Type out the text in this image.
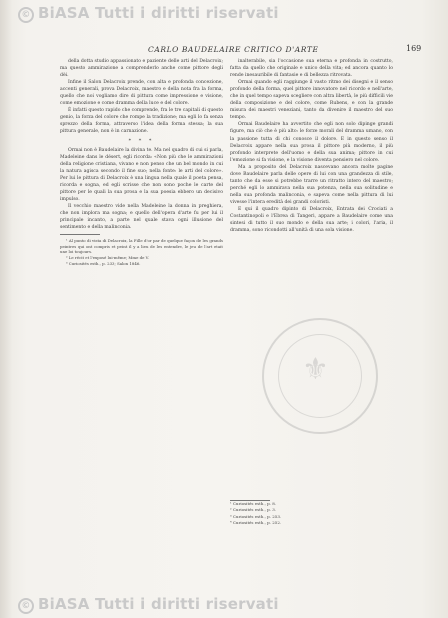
© BiASA Tutti i diritti riservati
CARLO BAUDELAIRE CRITICO D'ARTE	169

della dotta studio appassionato e paziente delle arti del Delacroix; ma questo ammirazione a comprenderlo anche come pittore degli dèi.

Infine il Salon Delacroix prende, con alta e profonda concezione, accenti generali, prova Delacroix, maestro e della nota fra la forma, quello che noi vogliamo dire di pittura come impressione e visione, come emozione e come dramma della luce e del colore.

È infatti questo rapido che comprende, fra le tre capitali di questo genio, la forza del colore che rompe la tradizione; ma egli lo fa senza sprezzo della forma, attraverso l'idea della forma stessa; la sua pittura generale, non è in carnazione.

* * *

Ormai non è Baudelaire la divina te. Ma nel quadro di cui si parla, Madeleine dans le désert, egli ricorda: «Non più che le ammirazioni della religione cristiana, vivano e non penso che un bel mondo in cui la natura agisca secondo il fine suo; nella fonte: le arti del colore». Per lui le pittura di Delacroix è una lingua nella quale il poeta pensa, ricorda e sogna, ed egli scrisse che non sono poche le carte del pittore per le quali la sua prosa e la sua poesia ebbero un decisivo impulso.

Il vecchio maestro vide nella Madeleine la donna in preghiera, che non implora ma sogna; e quello dell'opera d'arte fu per lui il principale incanto, a parte nel quale stava ogni illusione del sentimento e della malinconia.

¹ Al punto di vista di Delacroix, la Fille d'or par de quelque façon de les grands peintres qui ont compris et peint il y a lieu de les entendre, le jeu de l'art etait une loi toujours.

² Le récit et l'exposé lui-même; Mme de V.

³ Curiosités esth., p. 233; Salon 1846.

inalterabile, sia l'occasione sua eterna e profonda in costrutto, fatta da quello che originale e unico della vita; ed ancora quanto lo rende inesauribile di fantasie e di bellezza ritrovata.

Ormai quando egli raggiunge il vasto ritmo dei disegni e il senso profondo della forma, quel pittore innovatore nel ricordo e nell'arte, che in quel tempo sapeva scegliere con altra libertà, le più difficili vie della composizione e del colore, come Rubens, e con la grande misura dei maestri veneziani, tanto da divenire il maestro del suo tempo.

Ormai Baudelaire ha avvertito che egli non solo dipinge grandi figure, ma ciò che è più alto: le forze morali del dramma umano, con la passione tutta di chi conosce il dolore. E in questo senso il Delacroix appare nella sua prosa il pittore più moderno, il più profondo interprete dell'uomo e della sua anima; pittore in cui l'emozione si fa visione, e la visione diventa pensiero nel colore.

Ma a proposito del Delacroix nascevano ancora molte pagine dove Baudelaire parla delle opere di lui con una grandezza di stile, tanto che da esse si potrebbe trarre un ritratto intero del maestro; perché egli lo ammirava nella sua potenza, nella sua solitudine e nella sua profonda malinconia, e sapeva come nella pittura di lui vivesse l'intera eredità dei grandi coloristi.

E qui il quadro dipinto di Delacroix, Entrata dei Crociati a Costantinopoli e l'Ebrea di Tangeri, appare a Baudelaire come una sintesi di tutto il suo mondo e della sua arte; i colori, l'aria, il dramma, sono ricondotti all'unità di una sola visione.

¹ Curiosités esth., p. 8.
² Curiosités esth., p. 3.
³ Curiosités esth., p. 253.
⁴ Curiosités esth., p. 252.
⚜
© BiASA Tutti i diritti riservati
